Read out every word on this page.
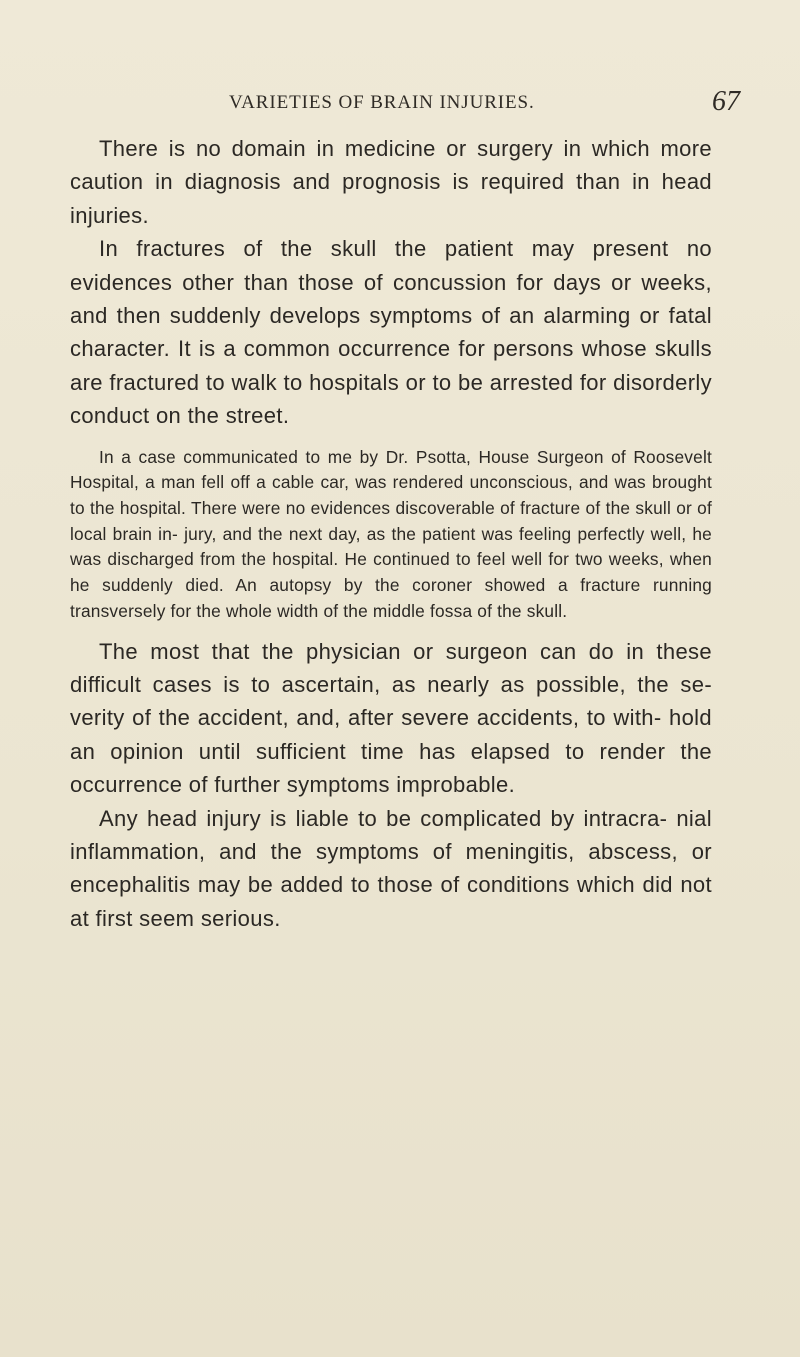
VARIETIES OF BRAIN INJURIES.	67

There is no domain in medicine or surgery in which more caution in diagnosis and prognosis is required than in head injuries.

In fractures of the skull the patient may present no evidences other than those of concussion for days or weeks, and then suddenly develops symptoms of an alarming or fatal character. It is a common occurrence for persons whose skulls are fractured to walk to hospitals or to be arrested for disorderly conduct on the street.

In a case communicated to me by Dr. Psotta, House Surgeon of Roosevelt Hospital, a man fell off a cable car, was rendered unconscious, and was brought to the hospital. There were no evidences discoverable of fracture of the skull or of local brain in- jury, and the next day, as the patient was feeling perfectly well, he was discharged from the hospital. He continued to feel well for two weeks, when he suddenly died. An autopsy by the coroner showed a fracture running transversely for the whole width of the middle fossa of the skull.

The most that the physician or surgeon can do in these difficult cases is to ascertain, as nearly as possible, the se- verity of the accident, and, after severe accidents, to with- hold an opinion until sufficient time has elapsed to render the occurrence of further symptoms improbable.

Any head injury is liable to be complicated by intracra- nial inflammation, and the symptoms of meningitis, abscess, or encephalitis may be added to those of conditions which did not at first seem serious.
